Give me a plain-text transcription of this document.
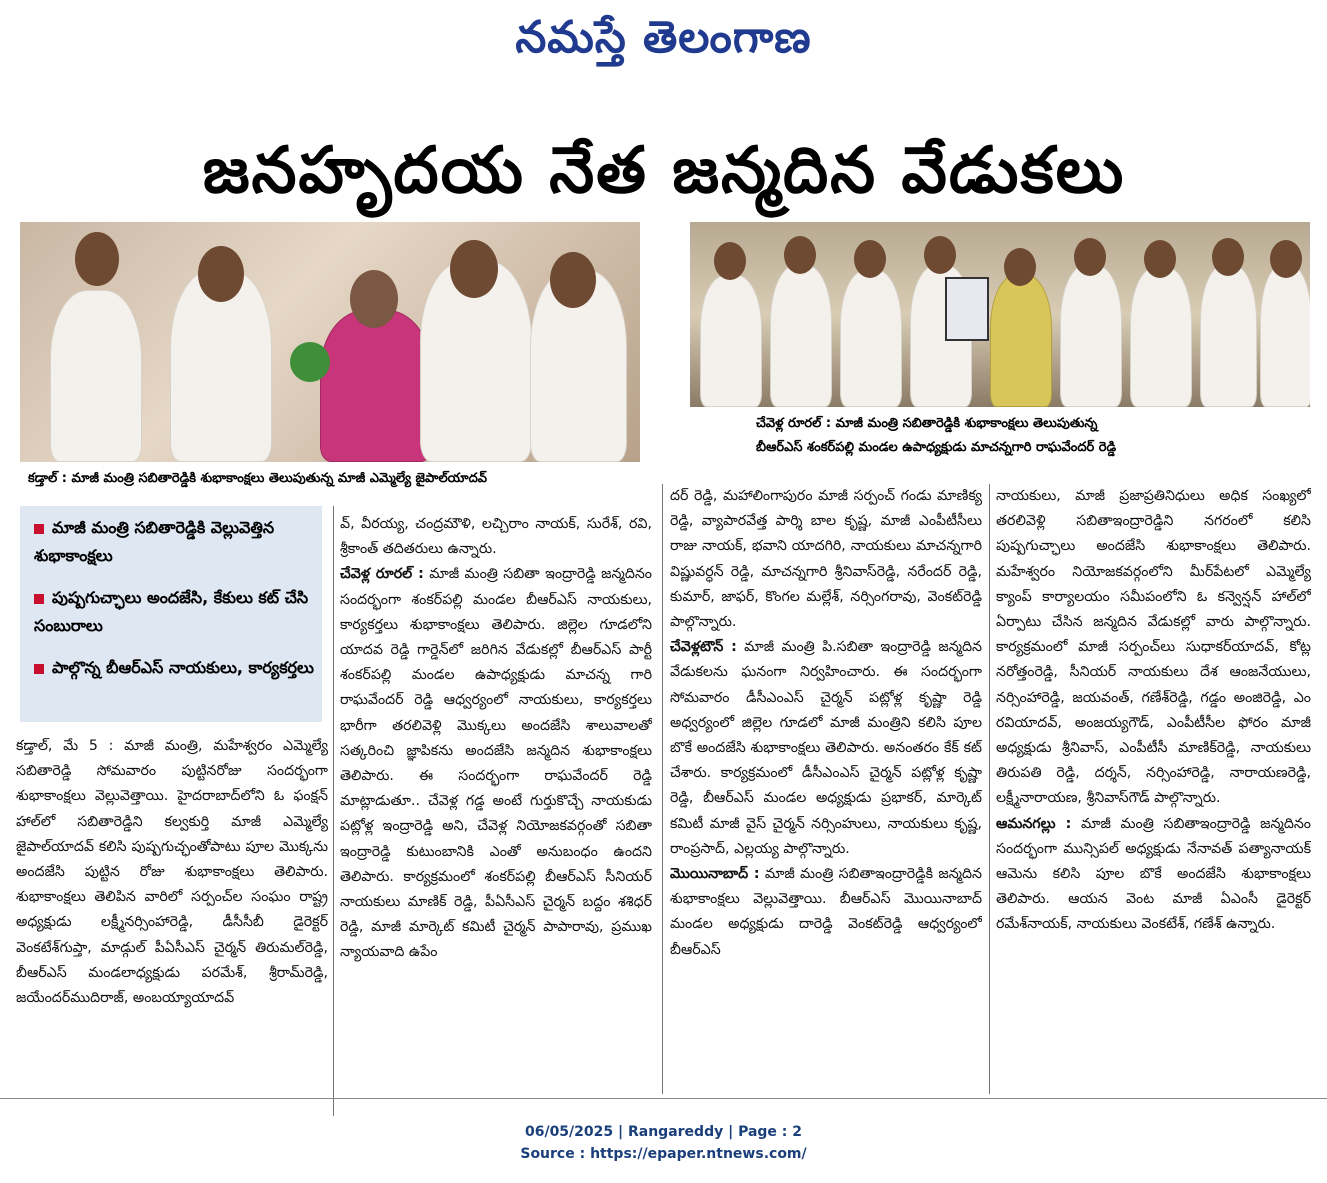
నమస్తే తెలంగాణ
జనహృదయ నేత జన్మదిన వేడుకలు
కడ్తాల్ : మాజీ మంత్రి సబితారెడ్డికి శుభాకాంక్షలు తెలుపుతున్న మాజీ ఎమ్మెల్యే జైపాల్‌యాదవ్
చేవెళ్ల రూరల్ : మాజీ మంత్రి సబితారెడ్డికి శుభాకాంక్షలు తెలుపుతున్న
బీఆర్‌ఎస్ శంకర్‌పల్లి మండల ఉపాధ్యక్షుడు మాచన్నగారి రాఘవేందర్ రెడ్డి
మాజీ మంత్రి సబితారెడ్డికి వెల్లువెత్తిన శుభాకాంక్షలు
పుష్పగుచ్ఛాలు అందజేసి, కేకులు కట్ చేసి సంబురాలు
పాల్గొన్న బీఆర్‌ఎస్ నాయకులు, కార్యకర్తలు

కడ్తాల్, మే 5 : మాజీ మంత్రి, మహేశ్వరం ఎమ్మెల్యే సబితారెడ్డి సోమవారం పుట్టినరోజు సందర్భంగా శుభాకాంక్షలు వెల్లువెత్తాయి. హైదరాబాద్‌లోని ఓ ఫంక్షన్ హాల్‌లో సబితారెడ్డిని కల్వకుర్తి మాజీ ఎమ్మెల్యే జైపాల్‌యాదవ్ కలిసి పుష్పగుచ్ఛంతోపాటు పూల మొక్కను అందజేసి పుట్టిన రోజు శుభాకాంక్షలు తెలిపారు. శుభాకాంక్షలు తెలిపిన వారిలో సర్పంచ్‌ల సంఘం రాష్ట్ర అధ్యక్షుడు లక్ష్మీనర్సింహారెడ్డి, డీసీసీబీ డైరెక్టర్ వెంకటేశ్‌గుప్తా, మాడ్గుల్ పీఏసీఎస్ చైర్మన్ తిరుమల్‌రెడ్డి, బీఆర్‌ఎస్ మండలాధ్యక్షుడు పరమేశ్, శ్రీరామ్‌రెడ్డి, జయేందర్‌ముదిరాజ్, అంబయ్యాయాదవ్

వ్, వీరయ్య, చంద్రమౌళి, లచ్చిరాం నాయక్, సురేశ్, రవి, శ్రీకాంత్ తదితరులు ఉన్నారు.

చేవెళ్ల రూరల్ : మాజీ మంత్రి సబితా ఇంద్రారెడ్డి జన్మదినం సందర్భంగా శంకర్‌పల్లి మండల బీఆర్‌ఎస్ నాయకులు, కార్యకర్తలు శుభాకాంక్షలు తెలిపారు. జిల్లెల గూడలోని యాదవ రెడ్డి గార్డెన్‌లో జరిగిన వేడుకల్లో బీఆర్‌ఎస్ పార్టీ శంకర్‌పల్లి మండల ఉపాధ్యక్షుడు మాచన్న గారి రాఘవేందర్ రెడ్డి ఆధ్వర్యంలో నాయకులు, కార్యకర్తలు భారీగా తరలివెళ్లి మొక్కలు అందజేసి శాలువాలతో సత్కరించి జ్ఞాపికను అందజేసి జన్మదిన శుభాకాంక్షలు తెలిపారు. ఈ సందర్భంగా రాఘవేందర్ రెడ్డి మాట్లాడుతూ.. చేవెళ్ల గడ్డ అంటే గుర్తుకొచ్చే నాయకుడు పట్లోళ్ల ఇంద్రారెడ్డి అని, చేవెళ్ల నియోజకవర్గంతో సబితా ఇంద్రారెడ్డి కుటుంబానికి ఎంతో అనుబంధం ఉందని తెలిపారు. కార్యక్రమంలో శంకర్‌పల్లి బీఆర్‌ఎస్ సీనియర్ నాయకులు మాణిక్ రెడ్డి, పీఏసీఎస్ చైర్మన్ బద్దం శశిధర్ రెడ్డి, మాజీ మార్కెట్ కమిటీ చైర్మన్ పాపారావు, ప్రముఖ న్యాయవాది ఉపేం

దర్ రెడ్డి, మహాలింగాపురం మాజీ సర్పంచ్ గండు మాణిక్య రెడ్డి, వ్యాపారవేత్త పార్శి బాల కృష్ణ, మాజీ ఎంపీటీసీలు రాజు నాయక్, భవాని యాదగిరి, నాయకులు మాచన్నగారి విష్ణువర్ధన్ రెడ్డి, మాచన్నగారి శ్రీనివాస్‌రెడ్డి, నరేందర్ రెడ్డి, కుమార్, జాఫర్, కొంగల మల్లేశ్, నర్సింగరావు, వెంకట్‌రెడ్డి పాల్గొన్నారు.

చేవెళ్లటౌన్ : మాజీ మంత్రి పి.సబితా ఇంద్రారెడ్డి జన్మదిన వేడుకలను ఘనంగా నిర్వహించారు. ఈ సందర్భంగా సోమవారం డీసీఎంఎస్ చైర్మన్ పట్లోళ్ల కృష్ణా రెడ్డి అధ్వర్యంలో జిల్లెల గూడలో మాజీ మంత్రిని కలిసి పూల బొకే అందజేసి శుభాకాంక్షలు తెలిపారు. అనంతరం కేక్ కట్ చేశారు. కార్యక్రమంలో డీసీఎంఎస్ చైర్మన్ పట్లోళ్ల కృష్ణా రెడ్డి, బీఆర్‌ఎస్ మండల అధ్యక్షుడు ప్రభాకర్, మార్కెట్ కమిటీ మాజీ వైస్ చైర్మన్ నర్సింహులు, నాయకులు కృష్ణ, రాంప్రసాద్, ఎల్లయ్య పాల్గొన్నారు.

మొయినాబాద్ : మాజీ మంత్రి సబితాఇంద్రారెడ్డికి జన్మదిన శుభాకాంక్షలు వెల్లువెత్తాయి. బీఆర్‌ఎస్ మొయినాబాద్ మండల అధ్యక్షుడు దారెడ్డి వెంకట్‌రెడ్డి ఆధ్వర్యంలో బీఆర్‌ఎస్

నాయకులు, మాజీ ప్రజాప్రతినిధులు అధిక సంఖ్యలో తరలివెళ్లి సబితాఇంద్రారెడ్డిని నగరంలో కలిసి పుష్పగుచ్ఛాలు అందజేసి శుభాకాంక్షలు తెలిపారు. మహేశ్వరం నియోజకవర్గంలోని మీర్‌పేటలో ఎమ్మెల్యే క్యాంప్ కార్యాలయం సమీపంలోని ఓ కన్వెన్షన్ హాల్‌లో ఏర్పాటు చేసిన జన్మదిన వేడుకల్లో వారు పాల్గొన్నారు. కార్యక్రమంలో మాజీ సర్పంచ్‌లు సుధాకర్‌యాదవ్, కోట్ల నరోత్తంరెడ్డి, సీనియర్ నాయకులు దేశ ఆంజనేయులు, నర్సింహారెడ్డి, జయవంత్, గణేశ్‌రెడ్డి, గడ్డం అంజిరెడ్డి, ఎం రవియాదవ్, అంజయ్యగౌడ్, ఎంపీటీసీల ఫోరం మాజీ అధ్యక్షుడు శ్రీనివాస్, ఎంపీటీసీ మాణిక్‌రెడ్డి, నాయకులు తిరుపతి రెడ్డి, దర్శన్, నర్సింహారెడ్డి, నారాయణరెడ్డి, లక్ష్మీనారాయణ, శ్రీనివాస్‌గౌడ్ పాల్గొన్నారు.

ఆమనగల్లు : మాజీ మంత్రి సబితాఇంద్రారెడ్డి జన్మదినం సందర్భంగా మున్సిపల్ అధ్యక్షుడు నేనావత్ పత్యానాయక్ ఆమెను కలిసి పూల బొకే అందజేసి శుభాకాంక్షలు తెలిపారు. ఆయన వెంట మాజీ ఏఎంసీ డైరెక్టర్ రమేశ్‌నాయక్, నాయకులు వెంకటేశ్, గణేశ్ ఉన్నారు.

06/05/2025 | Rangareddy | Page : 2
Source : https://epaper.ntnews.com/
